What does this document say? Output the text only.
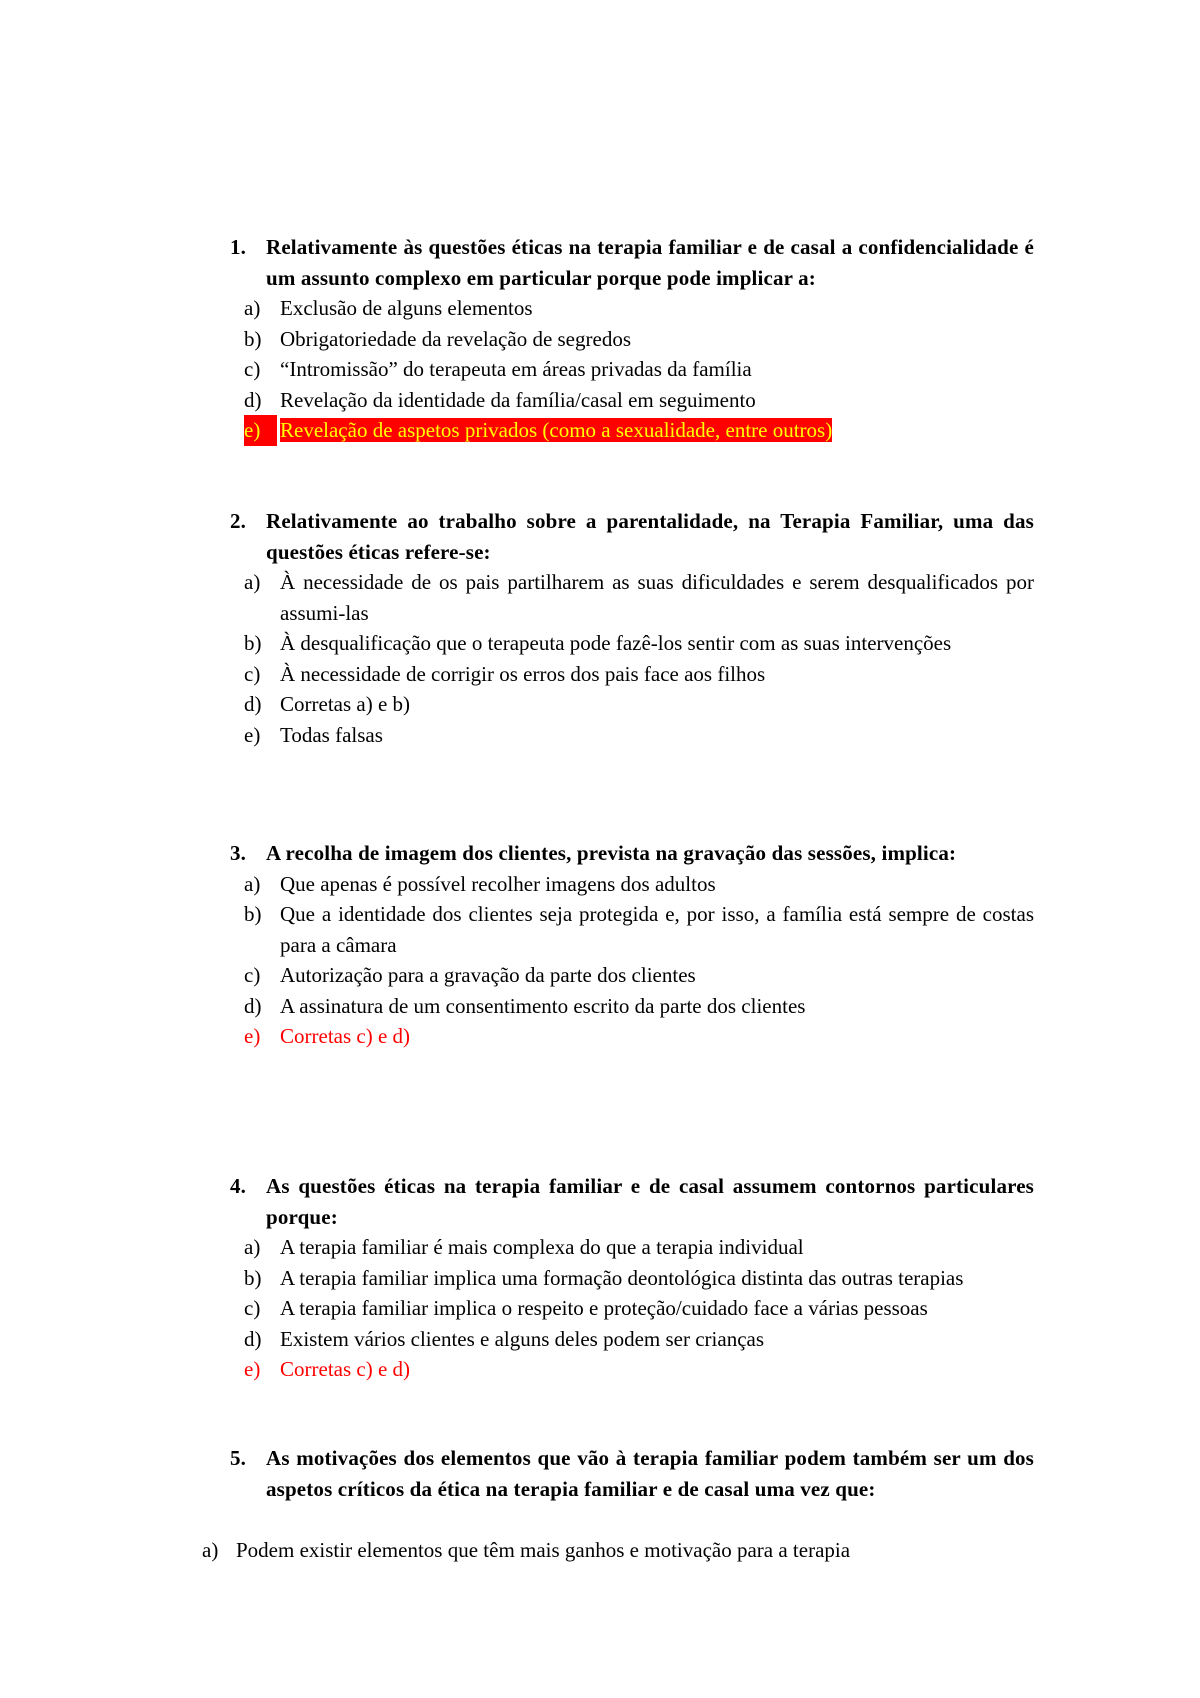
1. Relativamente às questões éticas na terapia familiar e de casal a confidencialidade é um assunto complexo em particular porque pode implicar a:
a) Exclusão de alguns elementos
b) Obrigatoriedade da revelação de segredos
c) “Intromissão” do terapeuta em áreas privadas da família
d) Revelação da identidade da família/casal em seguimento
e) Revelação de aspetos privados (como a sexualidade, entre outros)
2. Relativamente ao trabalho sobre a parentalidade, na Terapia Familiar, uma das questões éticas refere-se:
a) À necessidade de os pais partilharem as suas dificuldades e serem desqualificados por assumi-las
b) À desqualificação que o terapeuta pode fazê-los sentir com as suas intervenções
c) À necessidade de corrigir os erros dos pais face aos filhos
d) Corretas a) e b)
e) Todas falsas
3. A recolha de imagem dos clientes, prevista na gravação das sessões, implica:
a) Que apenas é possível recolher imagens dos adultos
b) Que a identidade dos clientes seja protegida e, por isso, a família está sempre de costas para a câmara
c) Autorização para a gravação da parte dos clientes
d) A assinatura de um consentimento escrito da parte dos clientes
e) Corretas c) e d)
4. As questões éticas na terapia familiar e de casal assumem contornos particulares porque:
a) A terapia familiar é mais complexa do que a terapia individual
b) A terapia familiar implica uma formação deontológica distinta das outras terapias
c) A terapia familiar implica o respeito e proteção/cuidado face a várias pessoas
d) Existem vários clientes e alguns deles podem ser crianças
e) Corretas c) e d)
5. As motivações dos elementos que vão à terapia familiar podem também ser um dos aspetos críticos da ética na terapia familiar e de casal uma vez que:
a) Podem existir elementos que têm mais ganhos e motivação para a terapia
